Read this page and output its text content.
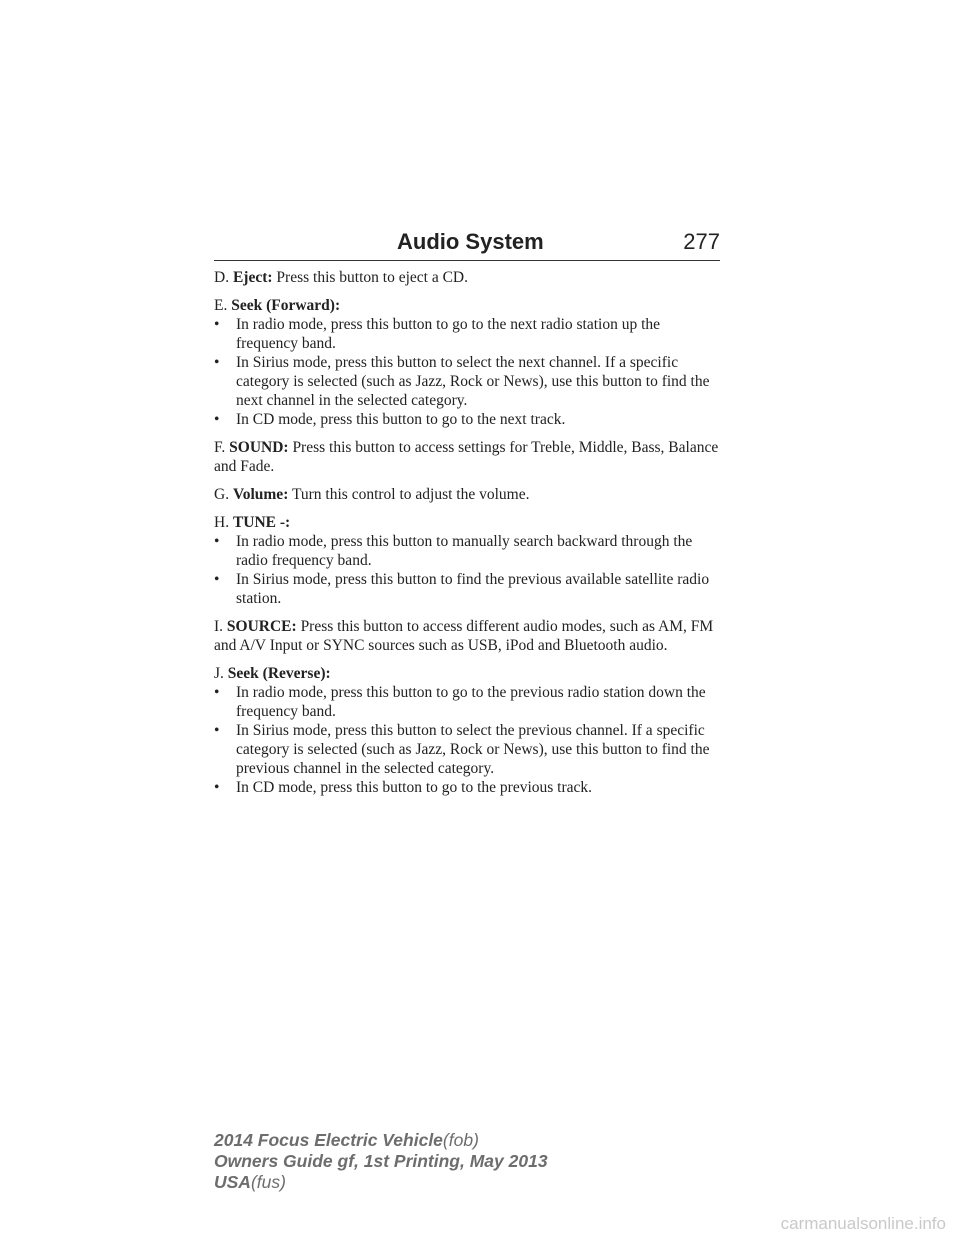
Audio System	277

D. Eject: Press this button to eject a CD.

E. Seek (Forward):

• In radio mode, press this button to go to the next radio station up the frequency band.
• In Sirius mode, press this button to select the next channel. If a specific category is selected (such as Jazz, Rock or News), use this button to find the next channel in the selected category.
• In CD mode, press this button to go to the next track.

F. SOUND: Press this button to access settings for Treble, Middle, Bass, Balance and Fade.

G. Volume: Turn this control to adjust the volume.

H. TUNE -:

• In radio mode, press this button to manually search backward through the radio frequency band.
• In Sirius mode, press this button to find the previous available satellite radio station.

I. SOURCE: Press this button to access different audio modes, such as AM, FM and A/V Input or SYNC sources such as USB, iPod and Bluetooth audio.

J. Seek (Reverse):

• In radio mode, press this button to go to the previous radio station down the frequency band.
• In Sirius mode, press this button to select the previous channel. If a specific category is selected (such as Jazz, Rock or News), use this button to find the previous channel in the selected category.
• In CD mode, press this button to go to the previous track.
2014 Focus Electric Vehicle(fob)
Owners Guide gf, 1st Printing, May 2013
USA(fus)
carmanualsonline.info
